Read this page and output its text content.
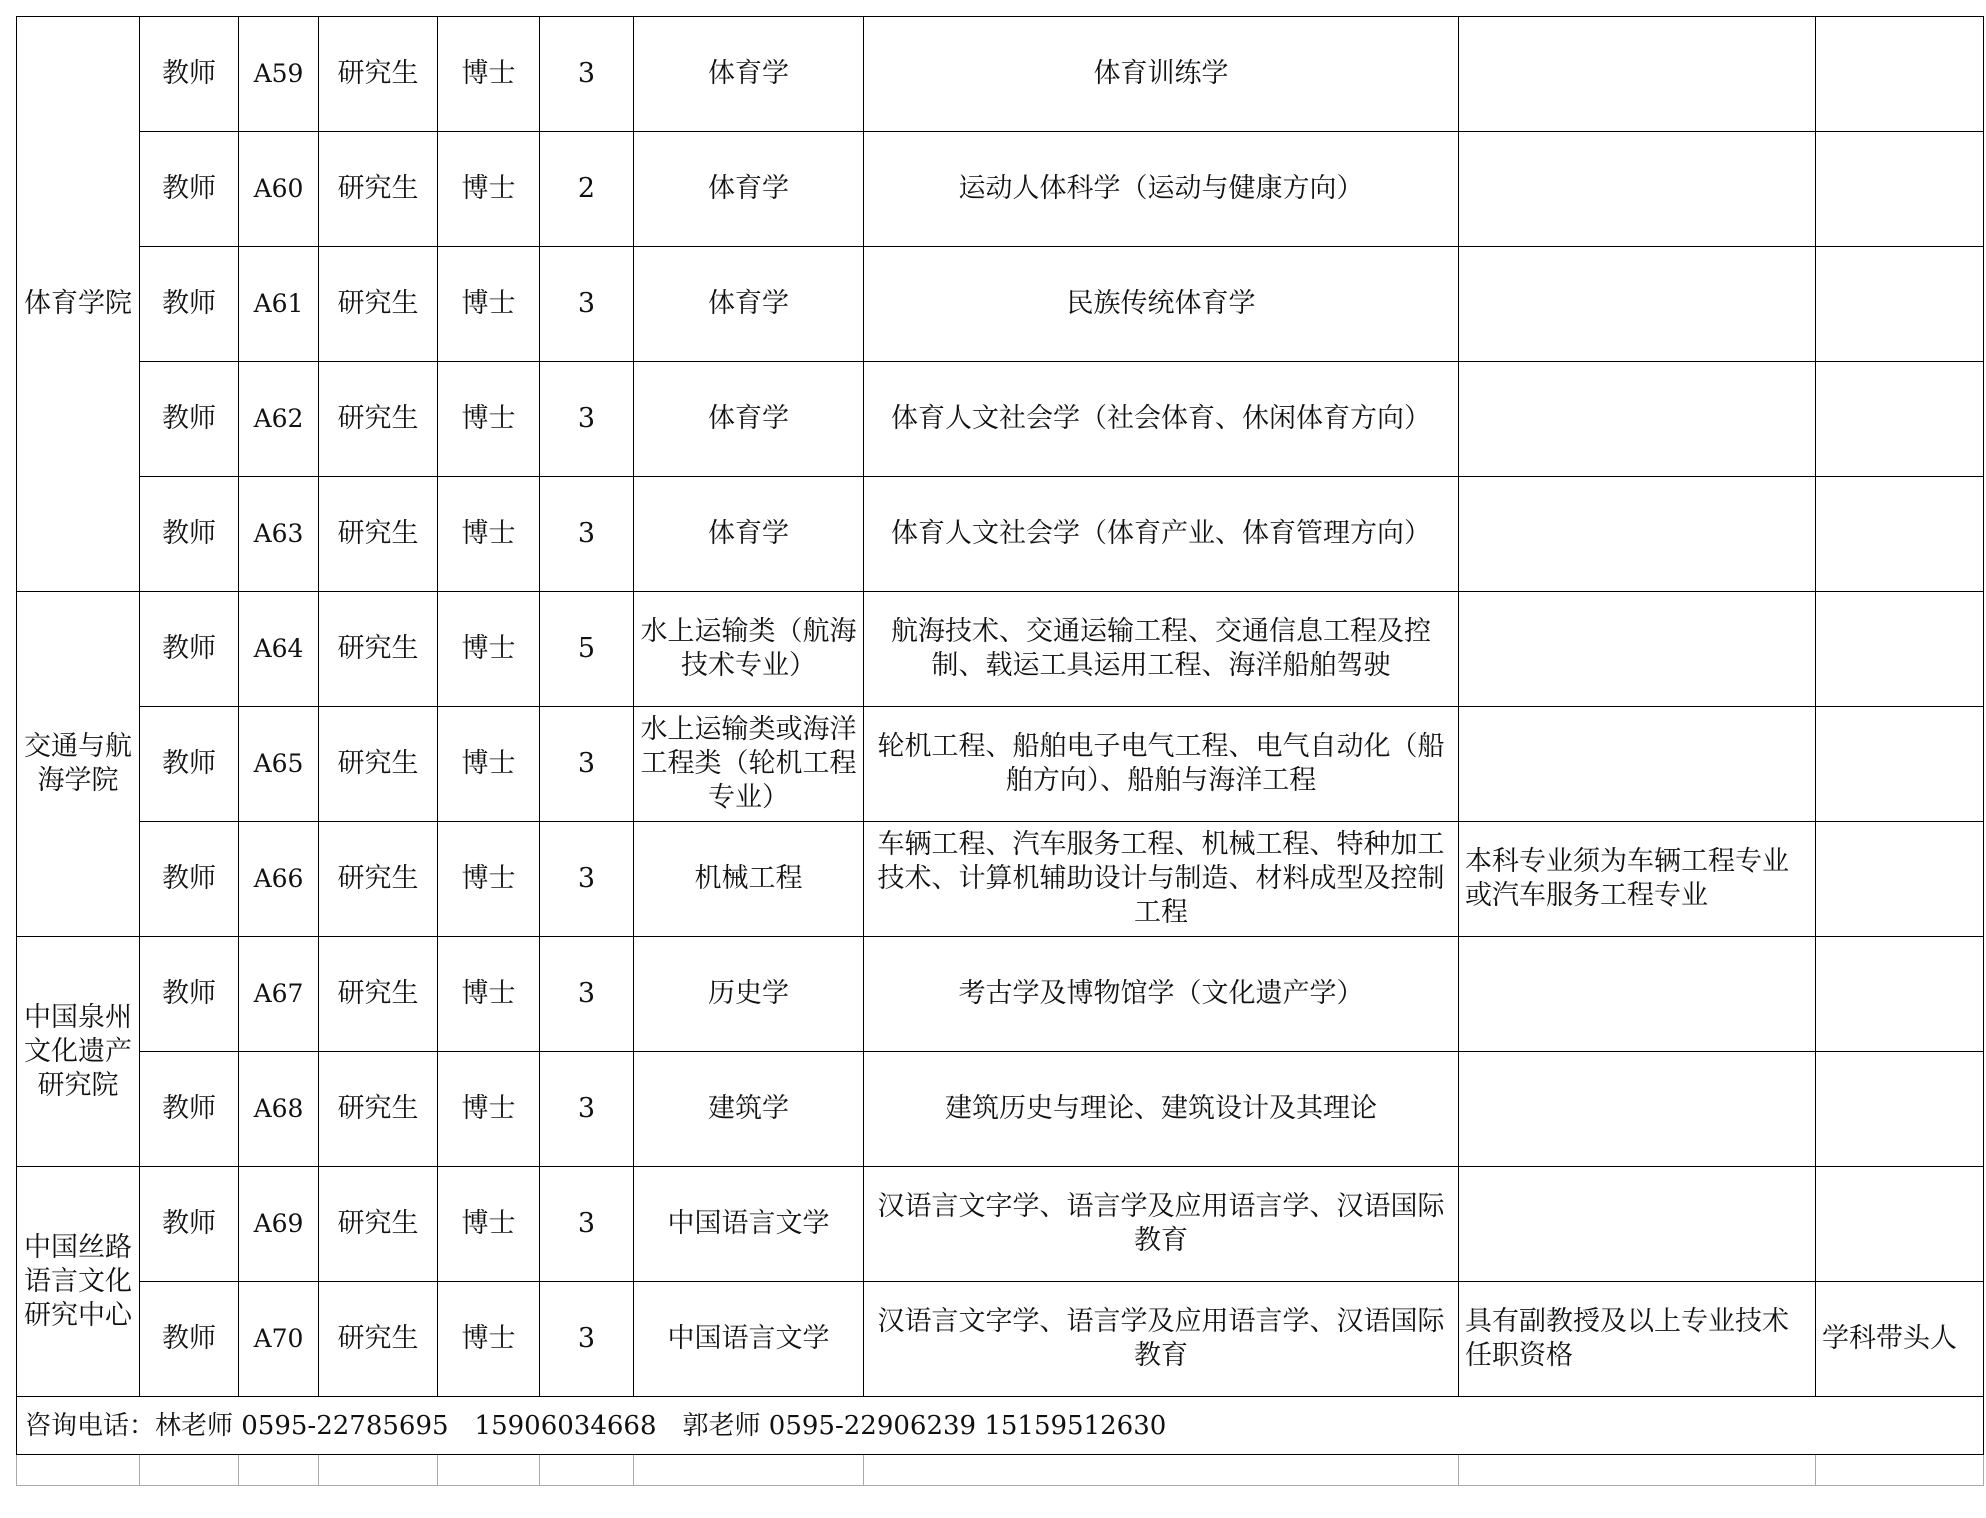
体育学院	教师	A59	研究生	博士	3	体育学	体育训练学		
	教师	A60	研究生	博士	2	体育学	运动人体科学（运动与健康方向）		
	教师	A61	研究生	博士	3	体育学	民族传统体育学		
	教师	A62	研究生	博士	3	体育学	体育人文社会学（社会体育、休闲体育方向）		
	教师	A63	研究生	博士	3	体育学	体育人文社会学（体育产业、体育管理方向）		
交通与航海学院	教师	A64	研究生	博士	5	水上运输类（航海技术专业）	航海技术、交通运输工程、交通信息工程及控制、载运工具运用工程、海洋船舶驾驶		
	教师	A65	研究生	博士	3	水上运输类或海洋工程类（轮机工程专业）	轮机工程、船舶电子电气工程、电气自动化（船舶方向）、船舶与海洋工程		
	教师	A66	研究生	博士	3	机械工程	车辆工程、汽车服务工程、机械工程、特种加工技术、计算机辅助设计与制造、材料成型及控制工程	本科专业须为车辆工程专业或汽车服务工程专业	
中国泉州文化遗产研究院	教师	A67	研究生	博士	3	历史学	考古学及博物馆学（文化遗产学）		
	教师	A68	研究生	博士	3	建筑学	建筑历史与理论、建筑设计及其理论		
中国丝路语言文化研究中心	教师	A69	研究生	博士	3	中国语言文学	汉语言文字学、语言学及应用语言学、汉语国际教育		
	教师	A70	研究生	博士	3	中国语言文学	汉语言文字学、语言学及应用语言学、汉语国际教育	具有副教授及以上专业技术任职资格	学科带头人
咨询电话：林老师 0595-22785695　15906034668　郭老师 0595-22906239 15159512630									
